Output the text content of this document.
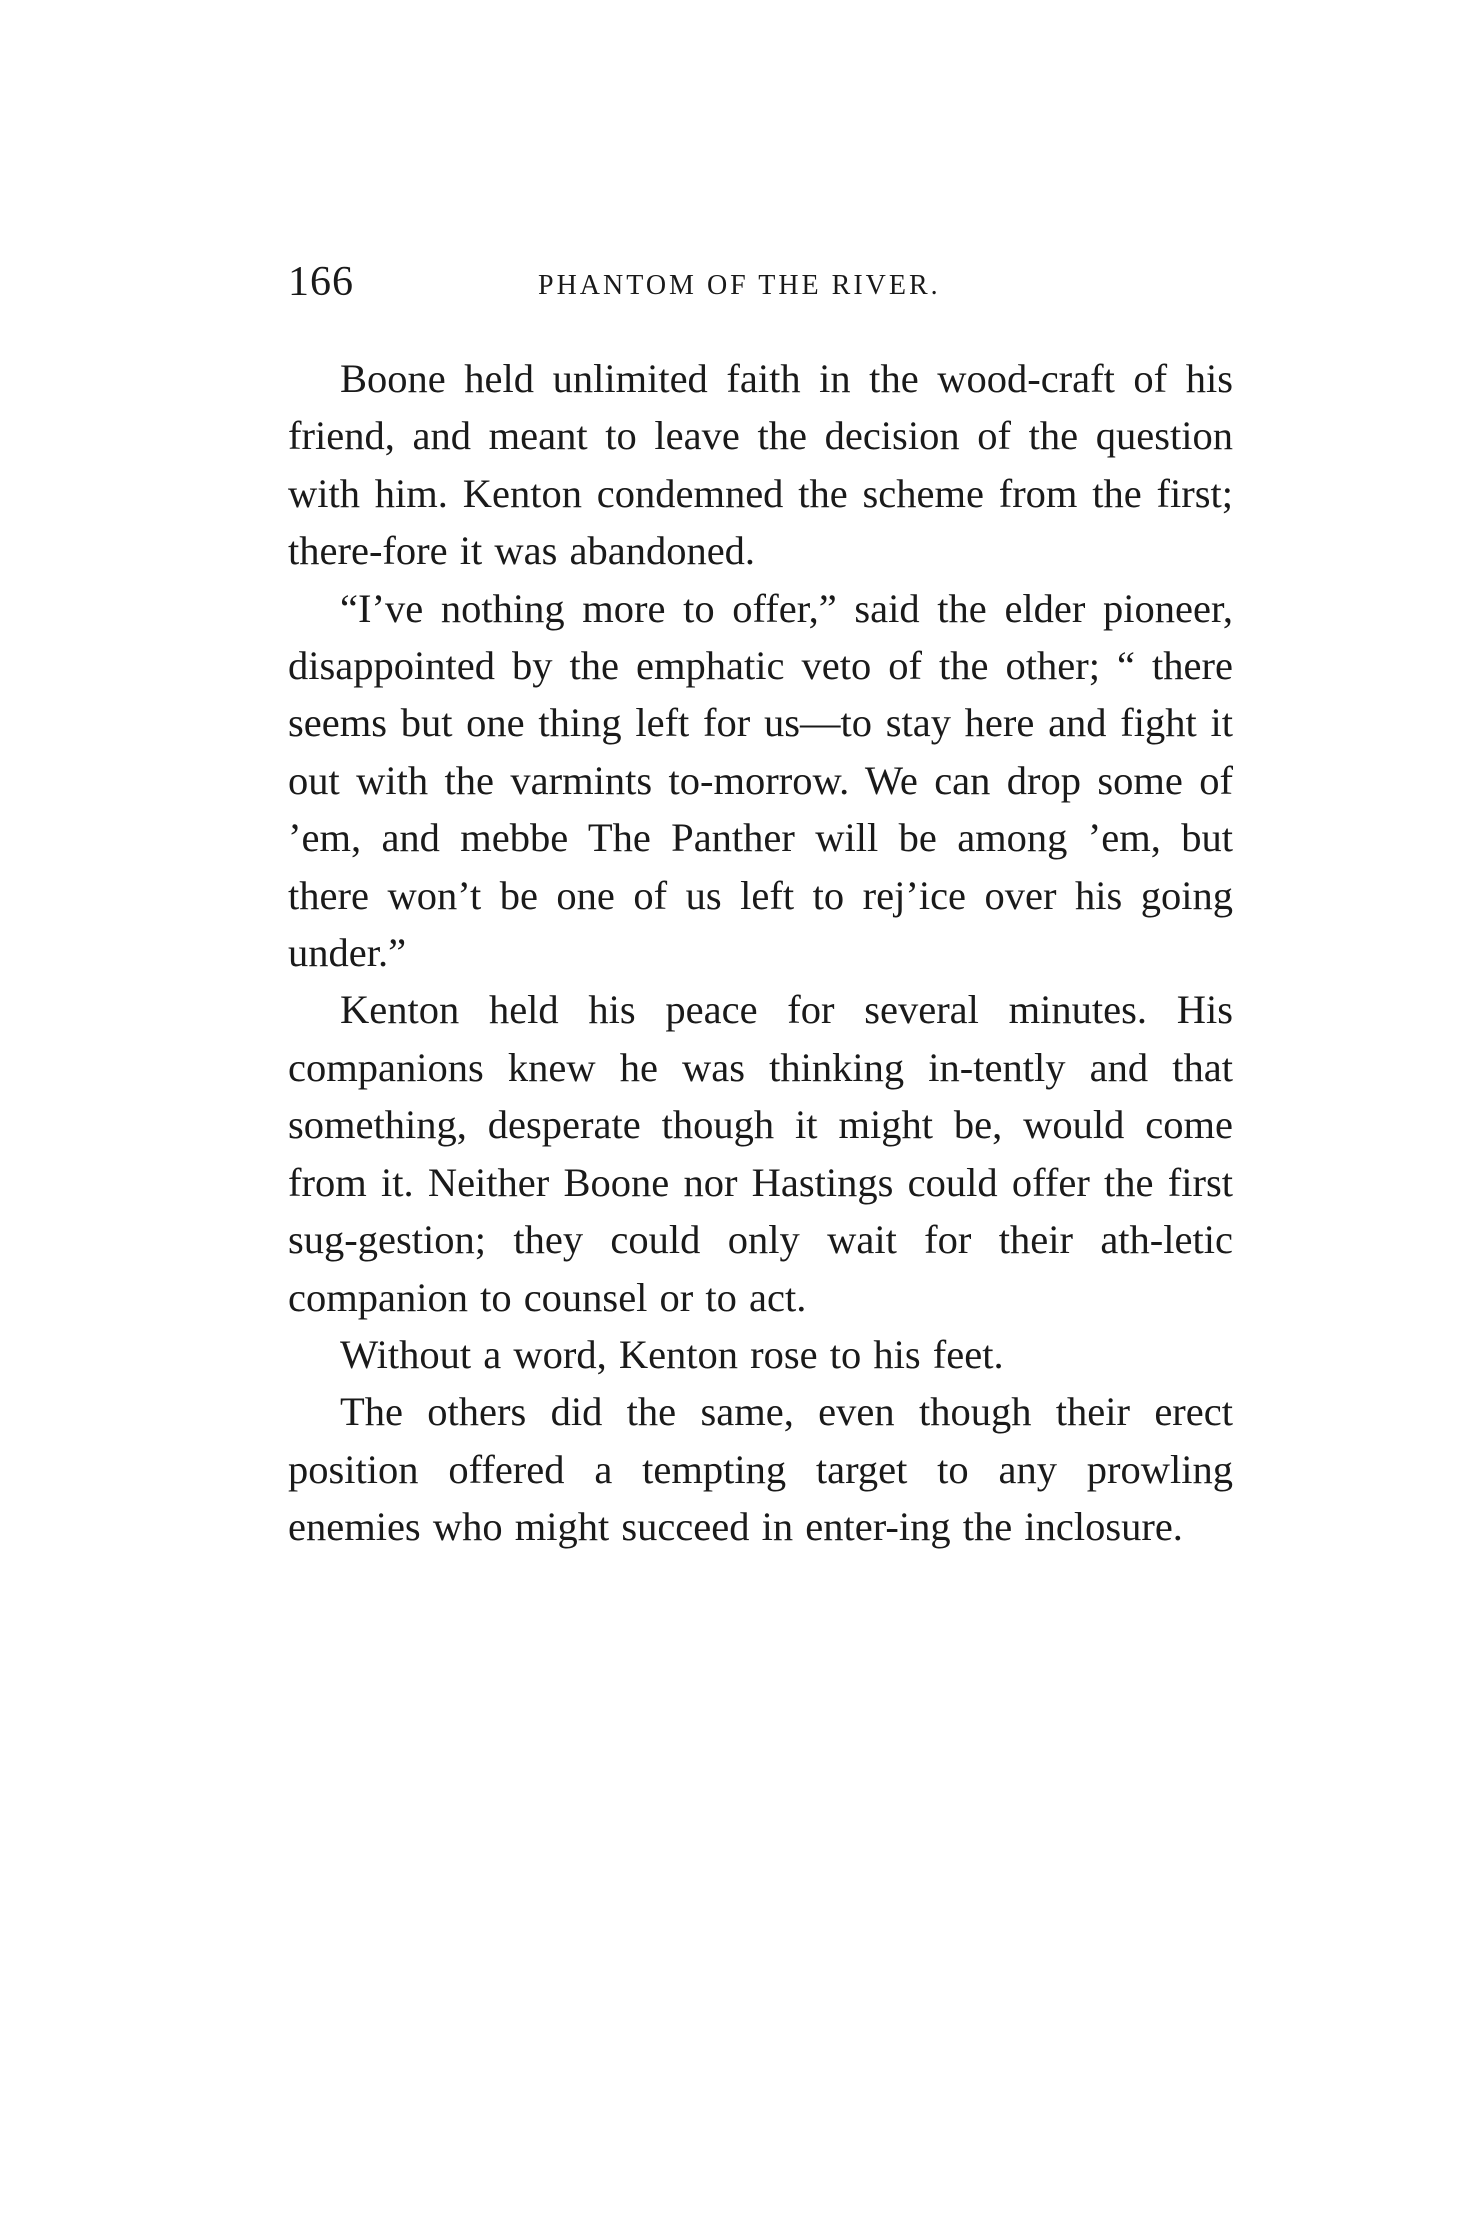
166	PHANTOM OF THE RIVER.

Boone held unlimited faith in the wood-craft of his friend, and meant to leave the decision of the question with him. Kenton condemned the scheme from the first; there-fore it was abandoned.

“I’ve nothing more to offer,” said the elder pioneer, disappointed by the emphatic veto of the other; “ there seems but one thing left for us—to stay here and fight it out with the varmints to-morrow. We can drop some of ’em, and mebbe The Panther will be among ’em, but there won’t be one of us left to rej’ice over his going under.”

Kenton held his peace for several minutes. His companions knew he was thinking in-tently and that something, desperate though it might be, would come from it. Neither Boone nor Hastings could offer the first sug-gestion; they could only wait for their ath-letic companion to counsel or to act.

Without a word, Kenton rose to his feet.

The others did the same, even though their erect position offered a tempting target to any prowling enemies who might succeed in enter-ing the inclosure.
